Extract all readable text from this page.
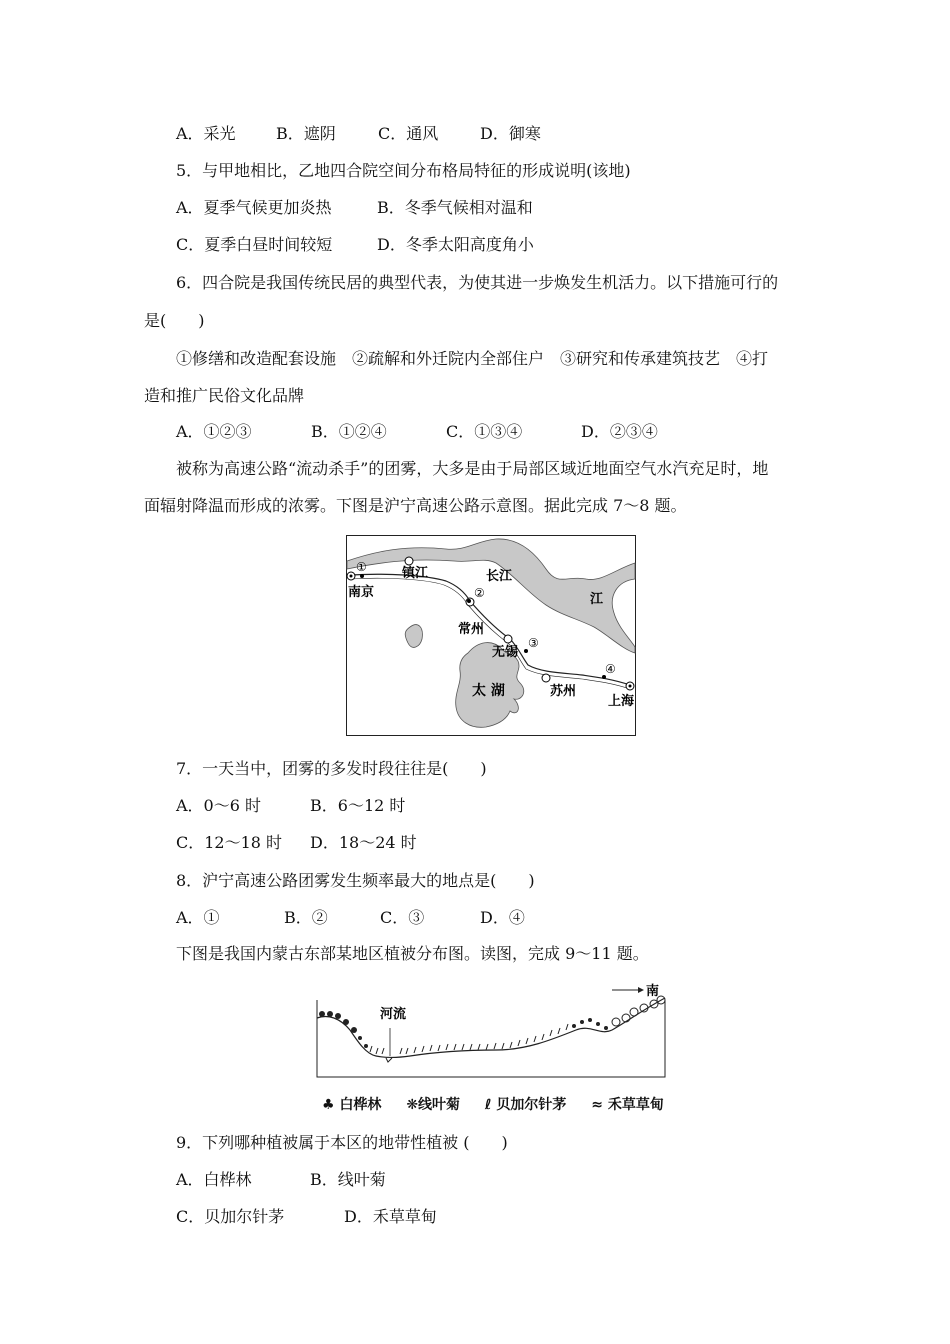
A．采光	B．遮阴	C．通风	D．御寒
5．与甲地相比，乙地四合院空间分布格局特征的形成说明(该地)
A．夏季气候更加炎热	B．冬季气候相对温和
C．夏季白昼时间较短	D．冬季太阳高度角小
6．四合院是我国传统民居的典型代表，为使其进一步焕发生机活力。以下措施可行的
是(　　)
①修缮和改造配套设施　②疏解和外迁院内全部住户　③研究和传承建筑技艺　④打
造和推广民俗文化品牌
A．①②③	B．①②④	C．①③④	D．②③④
被称为高速公路“流动杀手”的团雾，大多是由于局部区域近地面空气水汽充足时，地
面辐射降温而形成的浓雾。下图是沪宁高速公路示意图。据此完成 7～8 题。
①
②
③
④
南京
镇江	长江
江
常州
无锡
苏州
上海
太 湖
7．一天当中，团雾的多发时段往往是(　　)
A．0～6 时	B．6～12 时
C．12～18 时 D．18～24 时
8．沪宁高速公路团雾发生频率最大的地点是(　　)
A．①	B．②	C．③	D．④
下图是我国内蒙古东部某地区植被分布图。读图，完成 9～11 题。
河流
南
♣ 白桦林 ❋线叶菊 ℓ 贝加尔针茅 ≈ 禾草草甸
9．下列哪种植被属于本区的地带性植被 (　　)
A．白桦林	B．线叶菊
C．贝加尔针茅	D．禾草草甸
